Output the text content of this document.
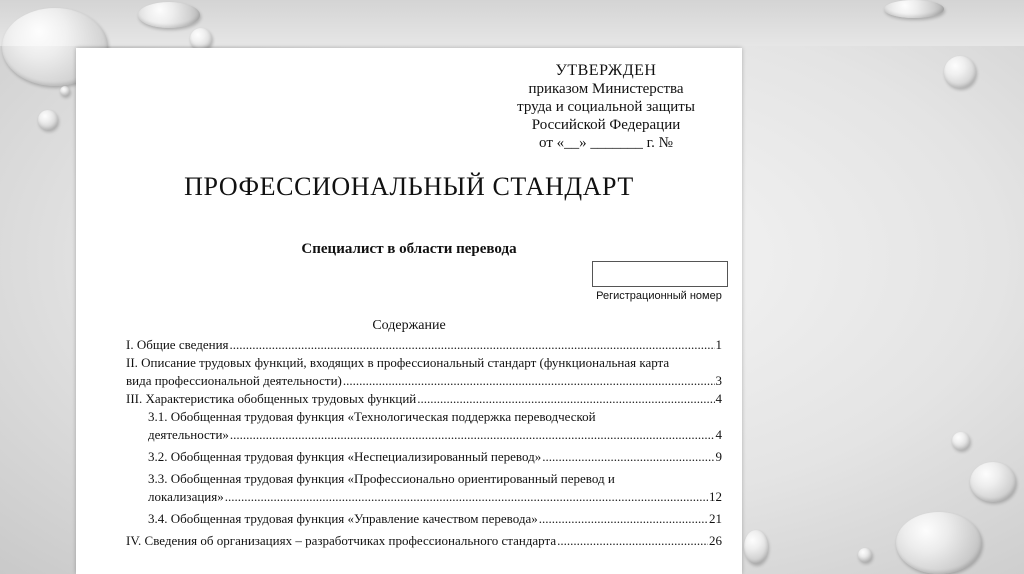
УТВЕРЖДЕН
приказом Министерства
труда и социальной защиты
Российской Федерации
от «__» _______ г. №
ПРОФЕССИОНАЛЬНЫЙ СТАНДАРТ
Специалист в области перевода
Регистрационный номер
Содержание
I. Общие сведения .....	1
II. Описание трудовых функций, входящих в профессиональный стандарт (функциональная карта
вида профессиональной деятельности) .....	3
III. Характеристика обобщенных трудовых функций .....	4
3.1. Обобщенная трудовая функция «Технологическая поддержка переводческой
деятельности» .....	4
3.2. Обобщенная трудовая функция «Неспециализированный перевод» .....	9
3.3. Обобщенная трудовая функция «Профессионально ориентированный перевод и
локализация» .....	12
3.4. Обобщенная трудовая функция «Управление качеством перевода» .....	21
IV. Сведения об организациях – разработчиках профессионального стандарта .....	26
